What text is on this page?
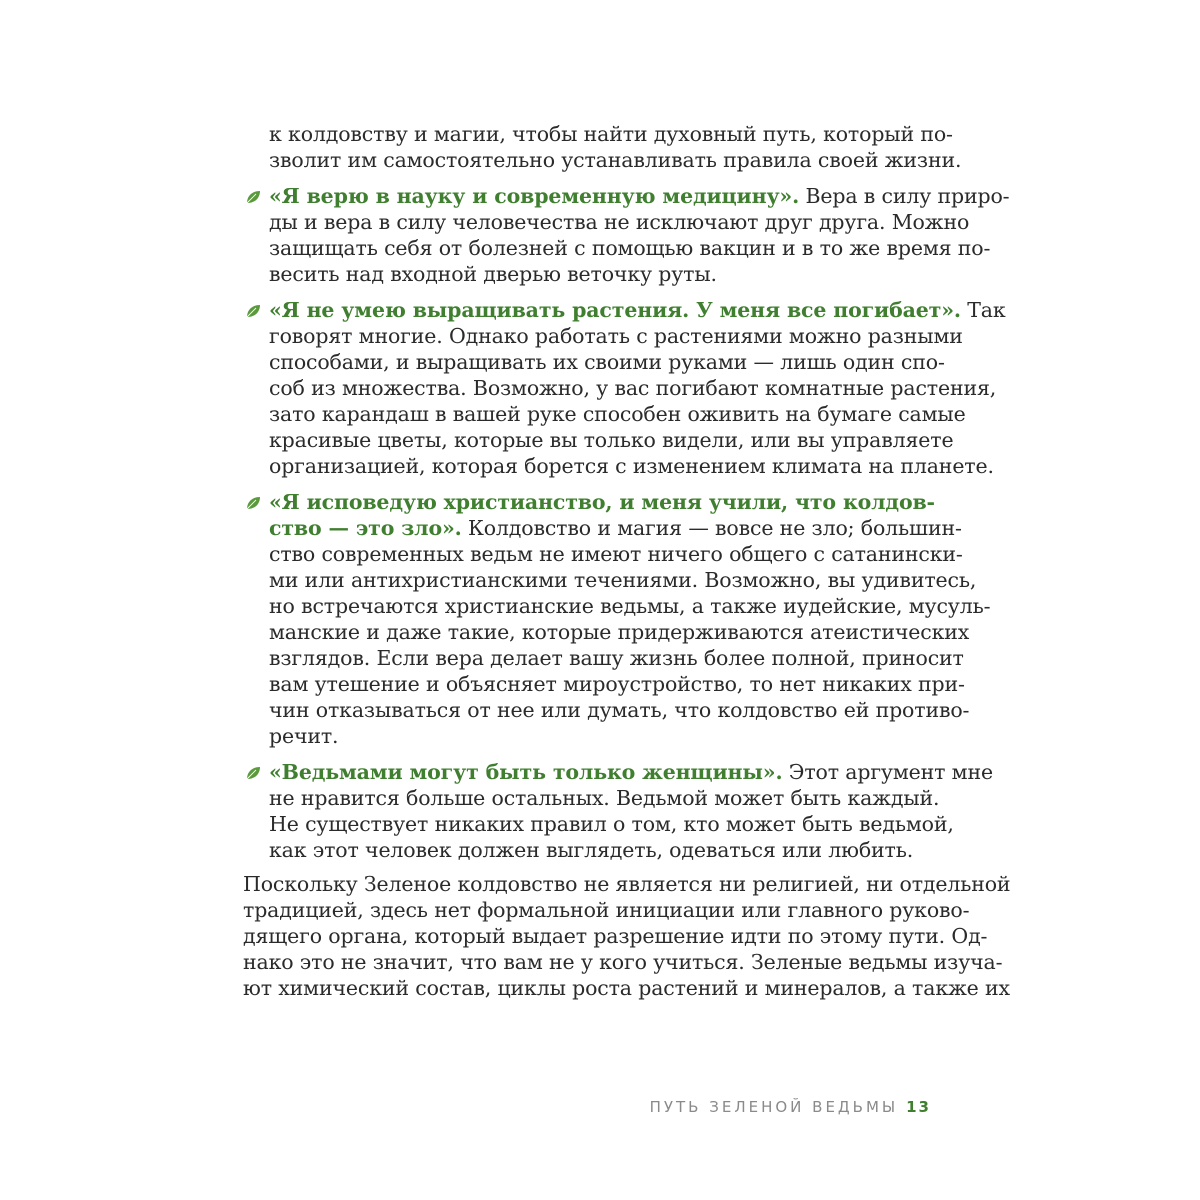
к колдовству и магии, чтобы найти духовный путь, который по-
зволит им самостоятельно устанавливать правила своей жизни.
«Я верю в науку и современную медицину». Вера в силу приро-
ды и вера в силу человечества не исключают друг друга. Можно
защищать себя от болезней с помощью вакцин и в то же время по-
весить над входной дверью веточку руты.
«Я не умею выращивать растения. У меня все погибает». Так
говорят многие. Однако работать с растениями можно разными
способами, и выращивать их своими руками — лишь один спо-
соб из множества. Возможно, у вас погибают комнатные растения,
зато карандаш в вашей руке способен оживить на бумаге самые
красивые цветы, которые вы только видели, или вы управляете
организацией, которая борется с изменением климата на планете.
«Я исповедую христианство, и меня учили, что колдов-
ство — это зло». Колдовство и магия — вовсе не зло; большин-
ство современных ведьм не имеют ничего общего с сатанински-
ми или антихристианскими течениями. Возможно, вы удивитесь,
но встречаются христианские ведьмы, а также иудейские, мусуль-
манские и даже такие, которые придерживаются атеистических
взглядов. Если вера делает вашу жизнь более полной, приносит
вам утешение и объясняет мироустройство, то нет никаких при-
чин отказываться от нее или думать, что колдовство ей противо-
речит.
«Ведьмами могут быть только женщины». Этот аргумент мне
не нравится больше остальных. Ведьмой может быть каждый.
Не существует никаких правил о том, кто может быть ведьмой,
как этот человек должен выглядеть, одеваться или любить.
Поскольку Зеленое колдовство не является ни религией, ни отдельной
традицией, здесь нет формальной инициации или главного руково-
дящего органа, который выдает разрешение идти по этому пути. Од-
нако это не значит, что вам не у кого учиться. Зеленые ведьмы изуча-
ют химический состав, циклы роста растений и минералов, а также их
ПУТЬ ЗЕЛЕНОЙ ВЕДЬМЫ 13
